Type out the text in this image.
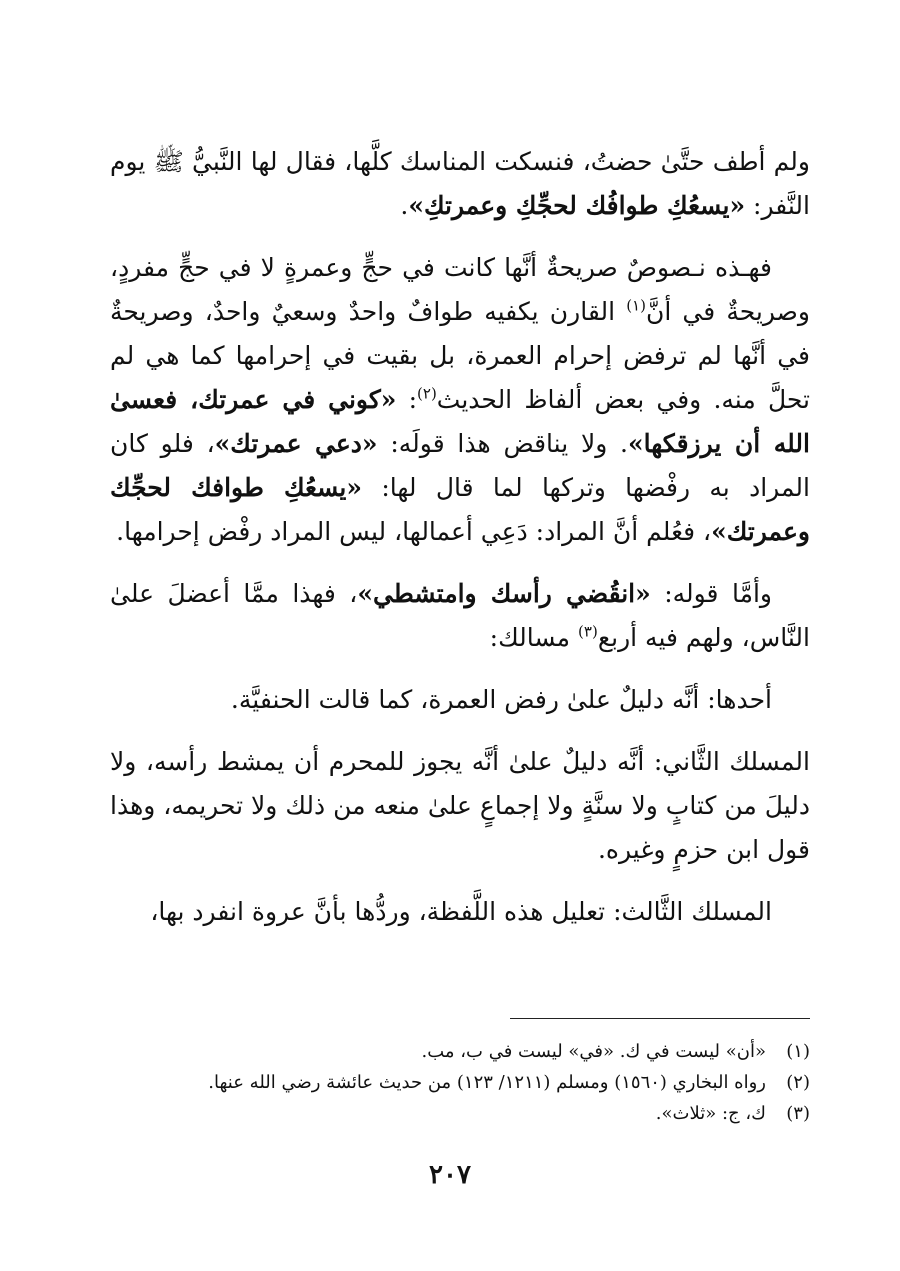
ولم أطف حتَّىٰ حضتُ، فنسكت المناسك كلَّها، فقال لها النَّبيُّ ﷺ يوم النَّفر: «يسعُكِ طوافُك لحجِّكِ وعمرتكِ».

فهـذه نـصوصٌ صريحةٌ أنَّها كانت في حجٍّ وعمرةٍ لا في حجٍّ مفردٍ، وصريحةٌ في أنَّ$^{(١)}$ القارن يكفيه طوافٌ واحدٌ وسعيٌ واحدٌ، وصريحةٌ في أنَّها لم ترفض إحرام العمرة، بل بقيت في إحرامها كما هي لم تحلَّ منه. وفي بعض ألفاظ الحديث$^{(٢)}$: «كوني في عمرتك، فعسىٰ الله أن يرزقكها». ولا يناقض هذا قولَه: «دعي عمرتك»، فلو كان المراد به رفْضها وتركها لما قال لها: «يسعُكِ طوافك لحجِّك وعمرتك»، فعُلم أنَّ المراد: دَعِي أعمالها، ليس المراد رفْض إحرامها.

وأمَّا قوله: «انقُضي رأسك وامتشطي»، فهذا ممَّا أعضلَ علىٰ النَّاس، ولهم فيه أربع$^{(٣)}$ مسالك:

أحدها: أنَّه دليلٌ علىٰ رفض العمرة، كما قالت الحنفيَّة.

المسلك الثَّاني: أنَّه دليلٌ علىٰ أنَّه يجوز للمحرم أن يمشط رأسه، ولا دليلَ من كتابٍ ولا سنَّةٍ ولا إجماعٍ علىٰ منعه من ذلك ولا تحريمه، وهذا قول ابن حزمٍ وغيره.

المسلك الثَّالث: تعليل هذه اللَّفظة، وردُّها بأنَّ عروة انفرد بها،

(١)«أن» ليست في ك. «في» ليست في ب، مب.

(٢)رواه البخاري (١٥٦٠) ومسلم (١٢١١/ ١٢٣) من حديث عائشة رضي الله عنها.

(٣)ك، ج: «ثلاث».

٢٠٧
